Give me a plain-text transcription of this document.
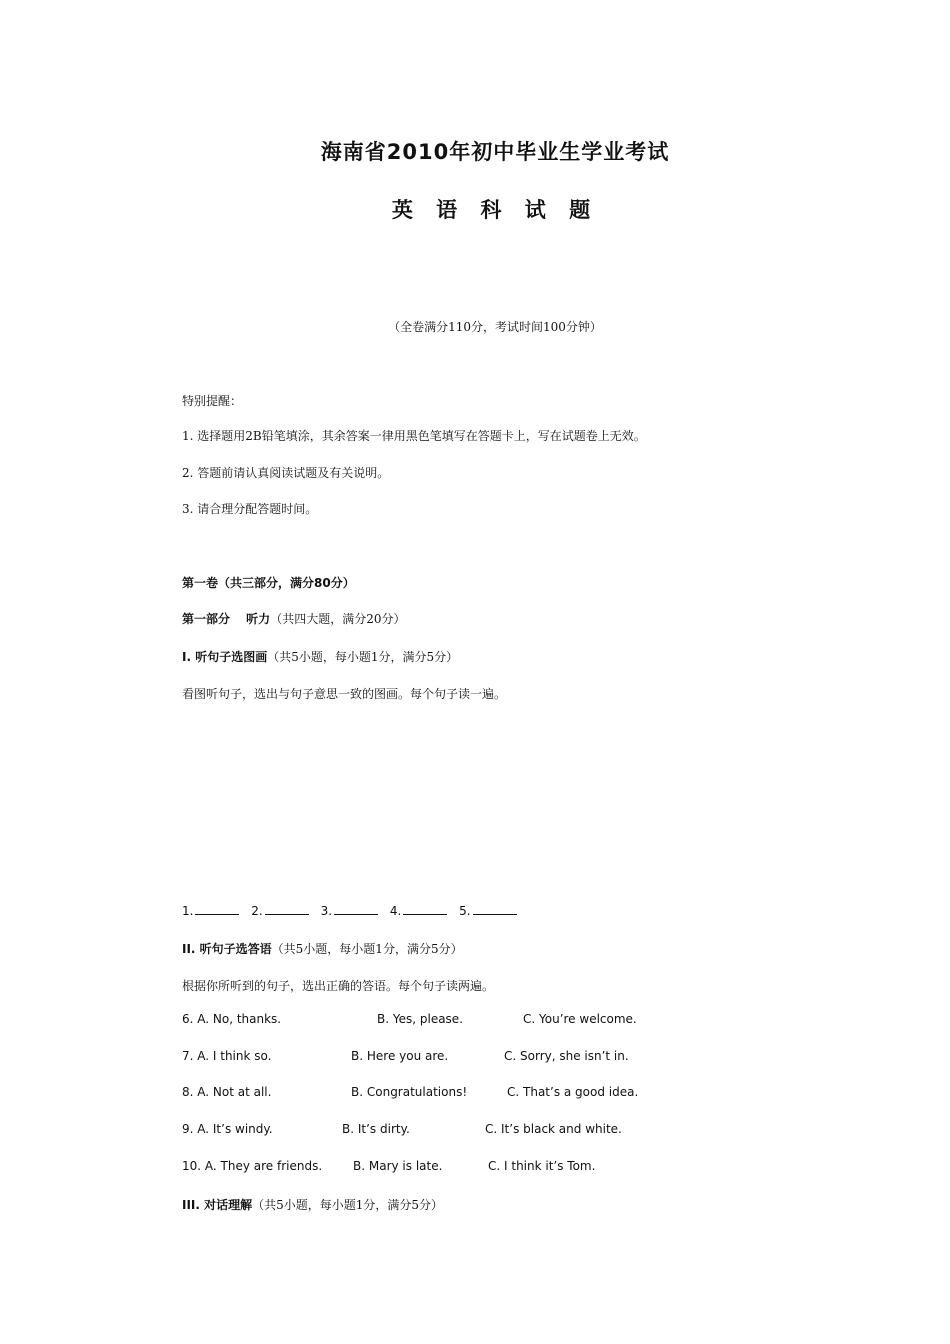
海南省2010年初中毕业生学业考试
英 语 科 试 题
（全卷满分110分，考试时间100分钟）
特别提醒：
1. 选择题用2B铅笔填涂，其余答案一律用黑色笔填写在答题卡上，写在试题卷上无效。
2. 答题前请认真阅读试题及有关说明。
3. 请合理分配答题时间。
第一卷（共三部分，满分80分）
第一部分　 听力（共四大题，满分20分）
Ⅰ. 听句子选图画（共5小题，每小题1分，满分5分）
看图听句子，选出与句子意思一致的图画。每个句子读一遍。
1.	2.	3.	4.	5.
II. 听句子选答语（共5小题，每小题1分，满分5分）
根据你所听到的句子，选出正确的答语。每个句子读两遍。
6. A. No, thanks.	B. Yes, please.	C. You’re welcome.
7. A. I think so.	B. Here you are.	C. Sorry, she isn’t in.
8. A. Not at all.	B. Congratulations!	C. That’s a good idea.
9. A. It’s windy.	B. It’s dirty.	C. It’s black and white.
10. A. They are friends.	B. Mary is late.	C. I think it’s Tom.
III. 对话理解（共5小题，每小题1分，满分5分）
